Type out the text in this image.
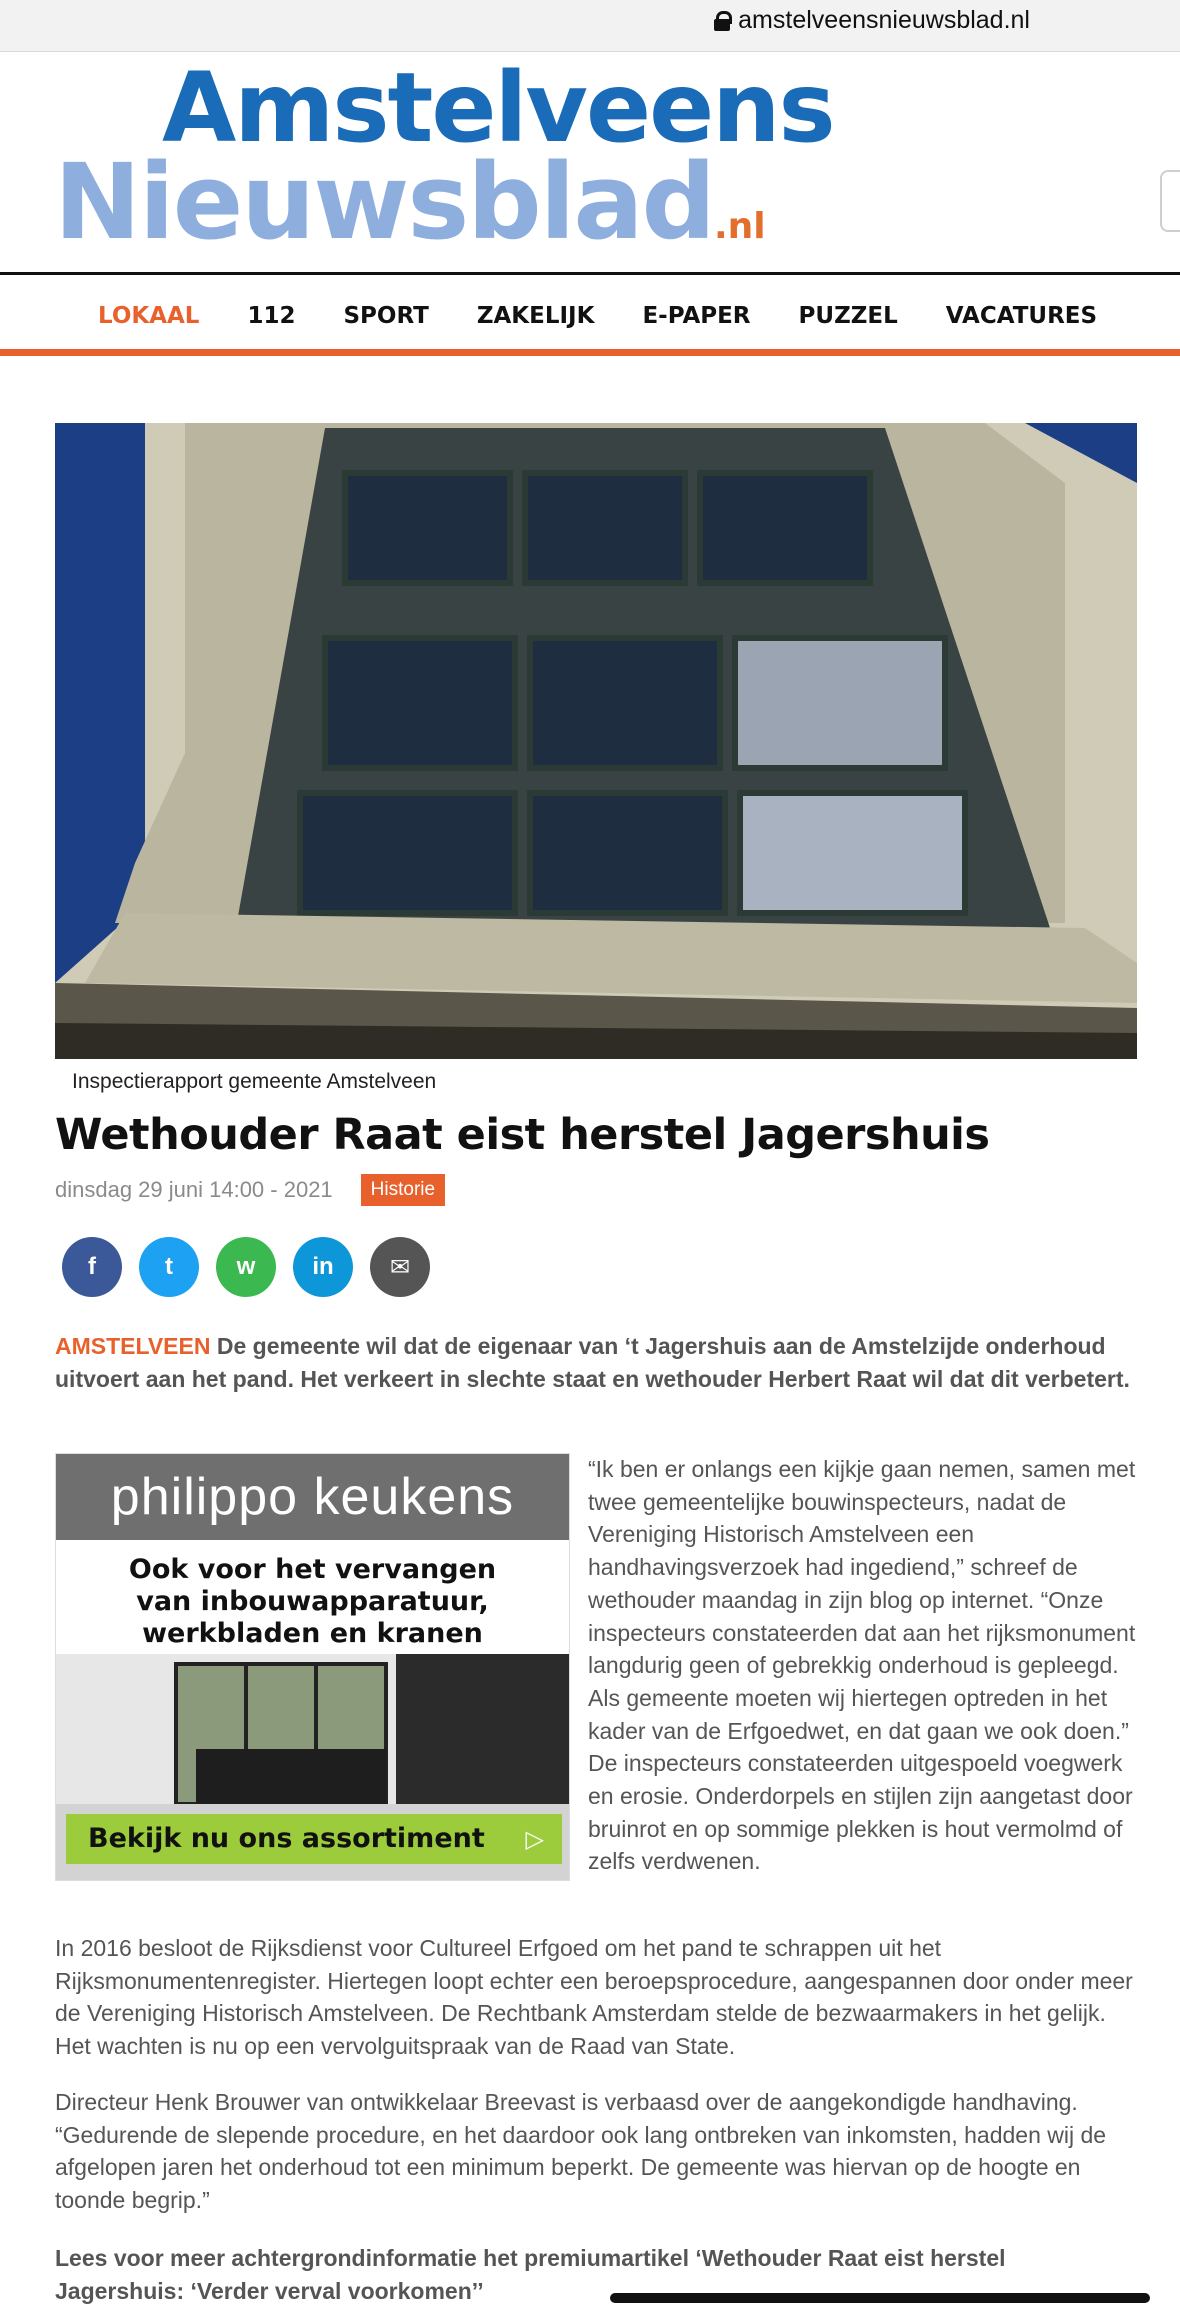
amstelveensnieuwsblad.nl
Amstelveens
Nieuwsblad.nl
LOKAAL 112 SPORT ZAKELIJK E-PAPER PUZZEL VACATURES
Inspectierapport gemeente Amstelveen
Wethouder Raat eist herstel Jagershuis
dinsdag 29 juni 14:00 - 2021	Historie
f	t	w in ✉

AMSTELVEEN De gemeente wil dat de eigenaar van ‘t Jagershuis aan de Amstelzijde onderhoud uitvoert aan het pand. Het verkeert in slechte staat en wethouder Herbert Raat wil dat dit verbetert.

philippo keukens
Ook voor het vervangen
van inbouwapparatuur,
werkbladen en kranen
Bekijk nu ons assortiment ▷

“Ik ben er onlangs een kijkje gaan nemen, samen met twee gemeentelijke bouwinspecteurs, nadat de Vereniging Historisch Amstelveen een handhavingsverzoek had ingediend,” schreef de wethouder maandag in zijn blog op internet. “Onze inspecteurs constateerden dat aan het rijksmonument langdurig geen of gebrekkig onderhoud is gepleegd. Als gemeente moeten wij hiertegen optreden in het kader van de Erfgoedwet, en dat gaan we ook doen.” De inspecteurs constateerden uitgespoeld voegwerk en erosie. Onderdorpels en stijlen zijn aangetast door bruinrot en op sommige plekken is hout vermolmd of zelfs verdwenen.

In 2016 besloot de Rijksdienst voor Cultureel Erfgoed om het pand te schrappen uit het Rijksmonumentenregister. Hiertegen loopt echter een beroepsprocedure, aangespannen door onder meer de Vereniging Historisch Amstelveen. De Rechtbank Amsterdam stelde de bezwaarmakers in het gelijk. Het wachten is nu op een vervolguitspraak van de Raad van State.

Directeur Henk Brouwer van ontwikkelaar Breevast is verbaasd over de aangekondigde handhaving. “Gedurende de slepende procedure, en het daardoor ook lang ontbreken van inkomsten, hadden wij de afgelopen jaren het onderhoud tot een minimum beperkt. De gemeente was hiervan op de hoogte en toonde begrip.”

Lees voor meer achtergrondinformatie het premiumartikel ‘Wethouder Raat eist herstel Jagershuis: ‘Verder verval voorkomen’’
